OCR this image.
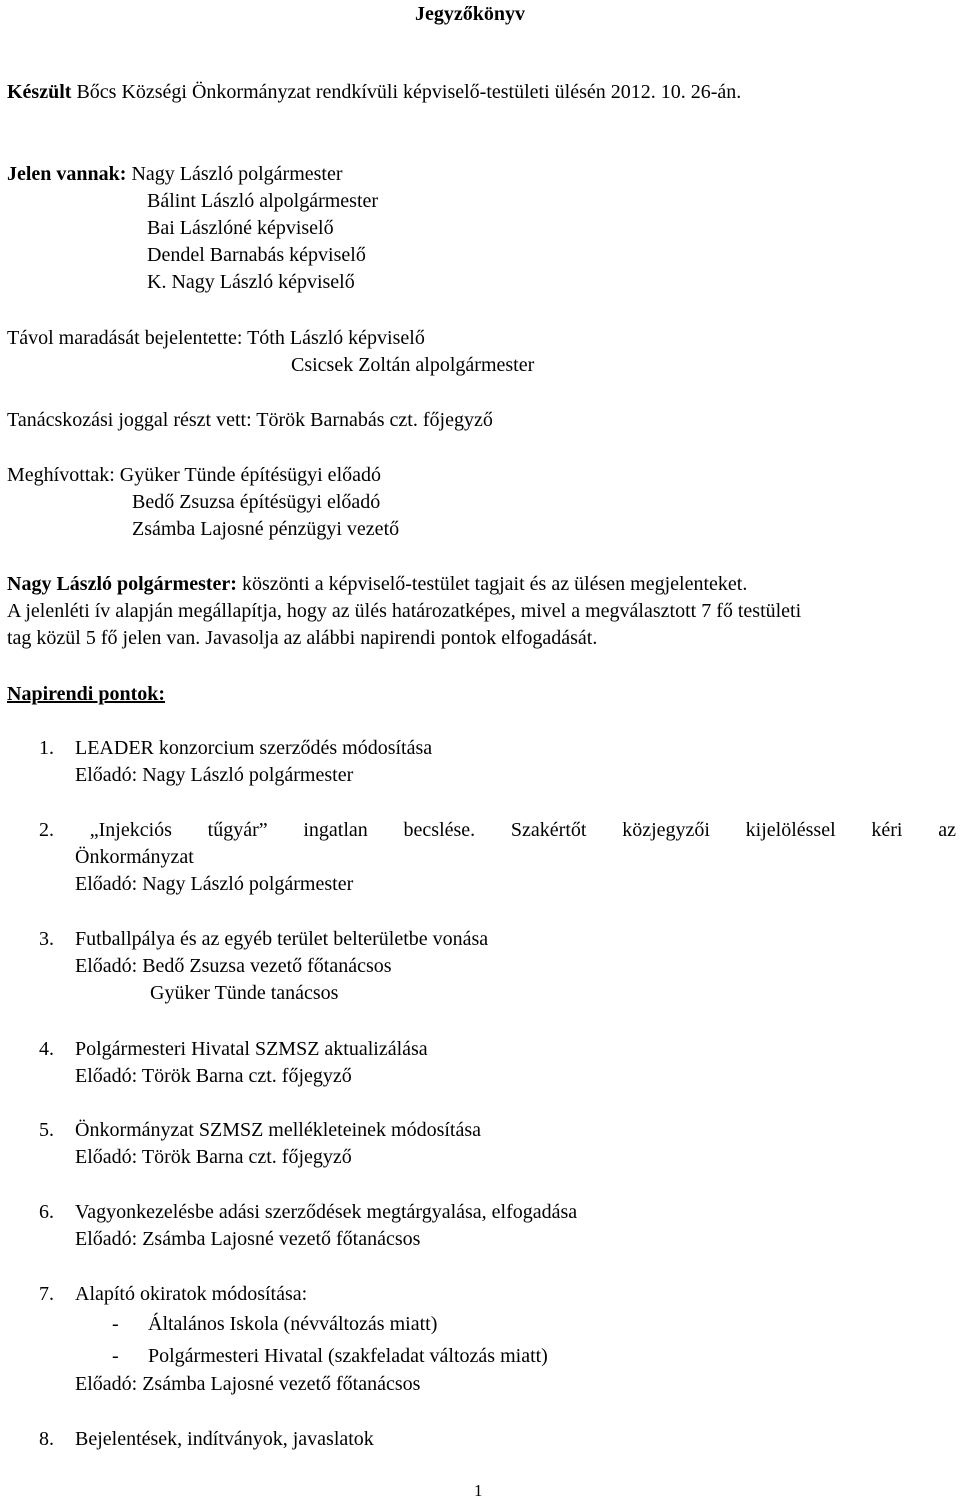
Jegyzőkönyv
Készült Bőcs Községi Önkormányzat rendkívüli képviselő-testületi ülésén 2012. 10. 26-án.
Jelen vannak: Nagy László polgármester
Bálint László alpolgármester
Bai Lászlóné képviselő
Dendel Barnabás képviselő
K. Nagy László képviselő
Távol maradását bejelentette: Tóth László képviselő
Csicsek Zoltán alpolgármester
Tanácskozási joggal részt vett: Török Barnabás czt. főjegyző
Meghívottak: Gyüker Tünde építésügyi előadó
Bedő Zsuzsa építésügyi előadó
Zsámba Lajosné pénzügyi vezető
Nagy László polgármester: köszönti a képviselő-testület tagjait és az ülésen megjelenteket.
A jelenléti ív alapján megállapítja, hogy az ülés határozatképes, mivel a megválasztott 7 fő testületi
tag közül 5 fő jelen van. Javasolja az alábbi napirendi pontok elfogadását.
Napirendi pontok:
1. LEADER konzorcium szerződés módosítása
Előadó: Nagy László polgármester
2. „Injekciós tűgyár” ingatlan becslése. Szakértőt közjegyzői kijelöléssel kéri az
Önkormányzat
Előadó: Nagy László polgármester
3. Futballpálya és az egyéb terület belterületbe vonása
Előadó: Bedő Zsuzsa vezető főtanácsos
Gyüker Tünde tanácsos
4. Polgármesteri Hivatal SZMSZ aktualizálása
Előadó: Török Barna czt. főjegyző
5. Önkormányzat SZMSZ mellékleteinek módosítása
Előadó: Török Barna czt. főjegyző
6. Vagyonkezelésbe adási szerződések megtárgyalása, elfogadása
Előadó: Zsámba Lajosné vezető főtanácsos
7. Alapító okiratok módosítása:
- Általános Iskola (névváltozás miatt)
- Polgármesteri Hivatal (szakfeladat változás miatt)
Előadó: Zsámba Lajosné vezető főtanácsos
8. Bejelentések, indítványok, javaslatok
1
